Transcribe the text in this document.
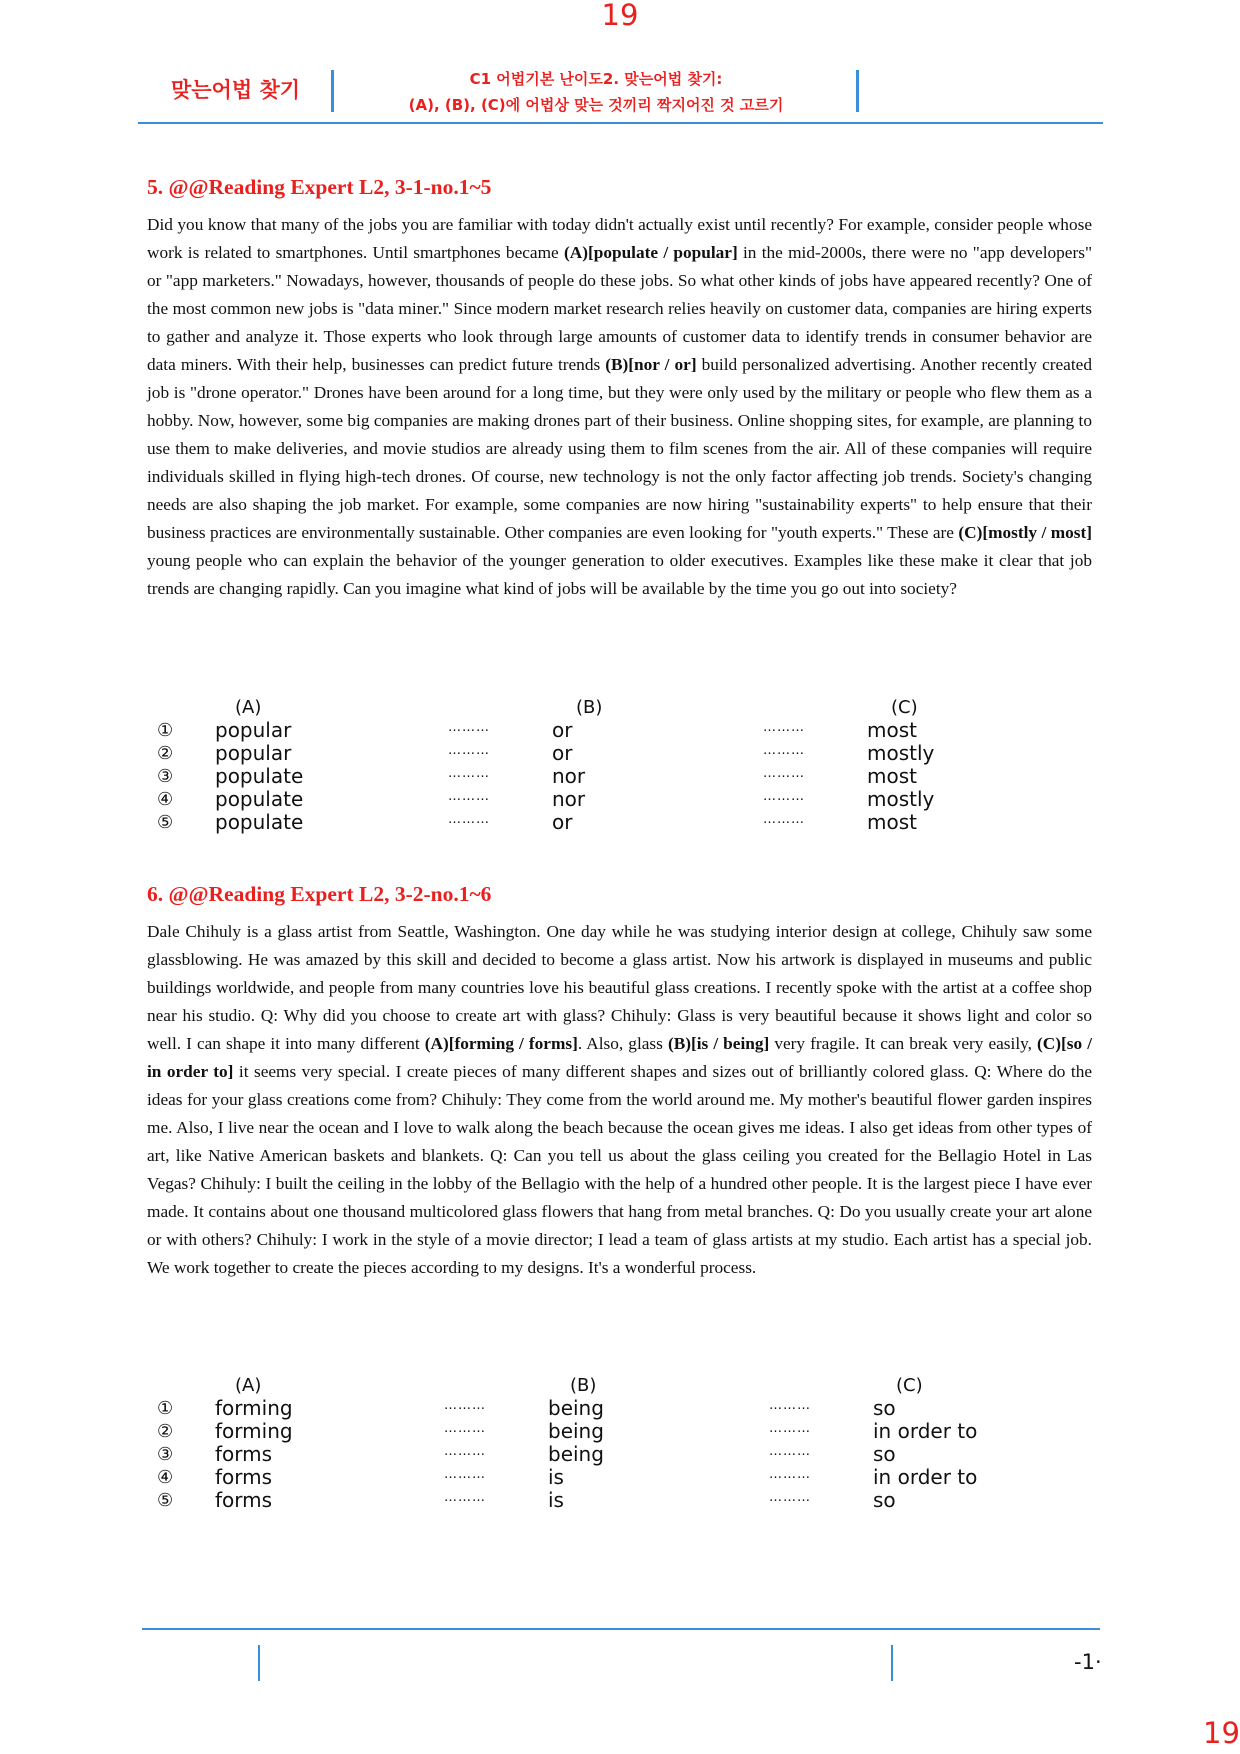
19
맞는어법 찾기	C1 어법기본 난이도2. 맞는어법 찾기:
(A), (B), (C)에 어법상 맞는 것끼리 짝지어진 것 고르기
5. @@Reading Expert L2, 3-1-no.1~5

Did you know that many of the jobs you are familiar with today didn't actually exist until recently? For example, consider people whose work is related to smartphones. Until smartphones became (A)[populate / popular] in the mid-2000s, there were no "app developers" or "app marketers." Nowadays, however, thousands of people do these jobs. So what other kinds of jobs have appeared recently? One of the most common new jobs is "data miner." Since modern market research relies heavily on customer data, companies are hiring experts to gather and analyze it. Those experts who look through large amounts of customer data to identify trends in consumer behavior are data miners. With their help, businesses can predict future trends (B)[nor / or] build personalized advertising. Another recently created job is "drone operator." Drones have been around for a long time, but they were only used by the military or people who flew them as a hobby. Now, however, some big companies are making drones part of their business. Online shopping sites, for example, are planning to use them to make deliveries, and movie studios are already using them to film scenes from the air. All of these companies will require individuals skilled in flying high-tech drones. Of course, new technology is not the only factor affecting job trends. Society's changing needs are also shaping the job market. For example, some companies are now hiring "sustainability experts" to help ensure that their business practices are environmentally sustainable. Other companies are even looking for "youth experts." These are (C)[mostly / most] young people who can explain the behavior of the younger generation to older executives. Examples like these make it clear that job trends are changing rapidly. Can you imagine what kind of jobs will be available by the time you go out into society?

(A)	(B)	(C)
① popular	………	or	………	most
② popular	………	or	………	mostly
③ populate	………	nor	………	most
④ populate	………	nor	………	mostly
⑤ populate	………	or	………	most
6. @@Reading Expert L2, 3-2-no.1~6

Dale Chihuly is a glass artist from Seattle, Washington. One day while he was studying interior design at college, Chihuly saw some glassblowing. He was amazed by this skill and decided to become a glass artist. Now his artwork is displayed in museums and public buildings worldwide, and people from many countries love his beautiful glass creations. I recently spoke with the artist at a coffee shop near his studio. Q: Why did you choose to create art with glass? Chihuly: Glass is very beautiful because it shows light and color so well. I can shape it into many different (A)[forming / forms]. Also, glass (B)[is / being] very fragile. It can break very easily, (C)[so / in order to] it seems very special. I create pieces of many different shapes and sizes out of brilliantly colored glass. Q: Where do the ideas for your glass creations come from? Chihuly: They come from the world around me. My mother's beautiful flower garden inspires me. Also, I live near the ocean and I love to walk along the beach because the ocean gives me ideas. I also get ideas from other types of art, like Native American baskets and blankets. Q: Can you tell us about the glass ceiling you created for the Bellagio Hotel in Las Vegas? Chihuly: I built the ceiling in the lobby of the Bellagio with the help of a hundred other people. It is the largest piece I have ever made. It contains about one thousand multicolored glass flowers that hang from metal branches. Q: Do you usually create your art alone or with others? Chihuly: I work in the style of a movie director; I lead a team of glass artists at my studio. Each artist has a special job. We work together to create the pieces according to my designs. It's a wonderful process.

(A)	(B)	(C)
① forming	………	being	………	so
② forming	………	being	………	in order to
③ forms	………	being	………	so
④ forms	………	is	………	in order to
⑤ forms	………	is	………	so
-1·
19
